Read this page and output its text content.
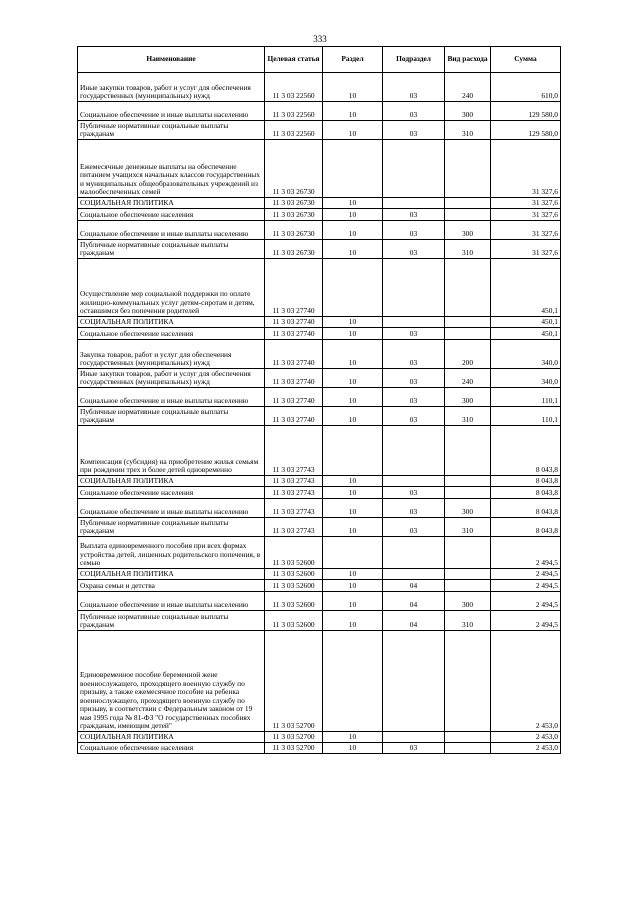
333
Наименование	Целевая статья	Раздел	Подраздел	Вид расхода	Сумма
Иные закупки товаров, работ и услуг для обеспечения государственных (муниципальных) нужд	11 3 03 22560	10	03	240	610,0
Социальное обеспечение и иные выплаты населению	11 3 03 22560	10	03	300	129 580,0
Публичные нормативные социальные выплаты гражданам	11 3 03 22560	10	03	310	129 580,0
Ежемесячные денежные выплаты на обеспечение питанием учащихся начальных классов государственных и муниципальных общеобразовательных учреждений из малообеспеченных семей	11 3 03 26730				31 327,6
СОЦИАЛЬНАЯ ПОЛИТИКА	11 3 03 26730	10			31 327,6
Социальное обеспечение населения	11 3 03 26730	10	03		31 327,6
Социальное обеспечение и иные выплаты населению	11 3 03 26730	10	03	300	31 327,6
Публичные нормативные социальные выплаты гражданам	11 3 03 26730	10	03	310	31 327,6
Осуществление мер социальной поддержки по оплате жилищно-коммунальных услуг детям-сиротам и детям, оставшимся без попечения родителей	11 3 03 27740				450,1
СОЦИАЛЬНАЯ ПОЛИТИКА	11 3 03 27740	10			450,1
Социальное обеспечение населения	11 3 03 27740	10	03		450,1
Закупка товаров, работ и услуг для обеспечения государственных (муниципальных) нужд	11 3 03 27740	10	03	200	340,0
Иные закупки товаров, работ и услуг для обеспечения государственных (муниципальных) нужд	11 3 03 27740	10	03	240	340,0
Социальное обеспечение и иные выплаты населению	11 3 03 27740	10	03	300	110,1
Публичные нормативные социальные выплаты гражданам	11 3 03 27740	10	03	310	110,1
Компенсация (субсидия) на приобретение жилья семьям при рождении трех и более детей одновременно	11 3 03 27743				8 043,8
СОЦИАЛЬНАЯ ПОЛИТИКА	11 3 03 27743	10			8 043,8
Социальное обеспечение населения	11 3 03 27743	10	03		8 043,8
Социальное обеспечение и иные выплаты населению	11 3 03 27743	10	03	300	8 043,8
Публичные нормативные социальные выплаты гражданам	11 3 03 27743	10	03	310	8 043,8
Выплата единовременного пособия при всех формах устройства детей, лишенных родительского попечения, в семью	11 3 03 52600				2 494,5
СОЦИАЛЬНАЯ ПОЛИТИКА	11 3 03 52600	10			2 494,5
Охрана семьи и детства	11 3 03 52600	10	04		2 494,5
Социальное обеспечение и иные выплаты населению	11 3 03 52600	10	04	300	2 494,5
Публичные нормативные социальные выплаты гражданам	11 3 03 52600	10	04	310	2 494,5
Единовременное пособие беременной жене военнослужащего, проходящего военную службу по призыву, а также ежемесячное пособие на ребенка военнослужащего, проходящего военную службу по призыву, в соответствии с Федеральным законом от 19 мая 1995 года № 81-ФЗ "О государственных пособиях гражданам, имеющим детей"	11 3 03 52700				2 453,0
СОЦИАЛЬНАЯ ПОЛИТИКА	11 3 03 52700	10			2 453,0
Социальное обеспечение населения	11 3 03 52700	10	03		2 453,0
